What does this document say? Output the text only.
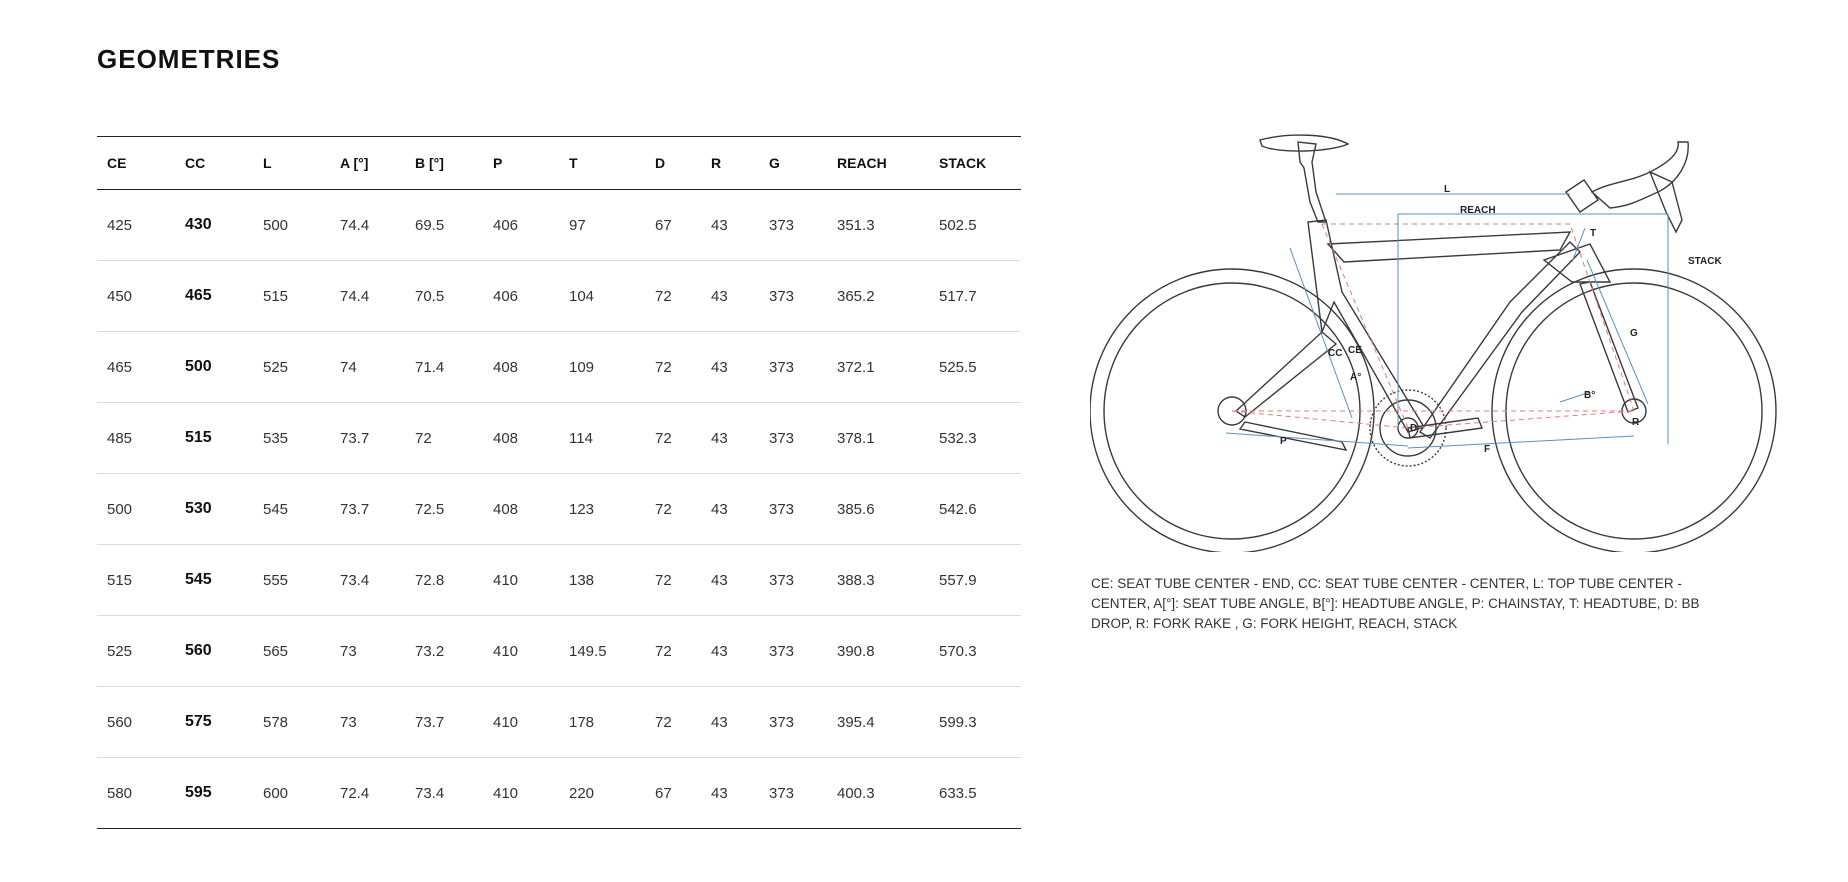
GEOMETRIES
CE	CC	L	A [°]	B [°]	P	T	D	R	G	REACH	STACK
425	430	500	74.4	69.5	406	97	67	43	373	351.3	502.5
450	465	515	74.4	70.5	406	104	72	43	373	365.2	517.7
465	500	525	74	71.4	408	109	72	43	373	372.1	525.5
485	515	535	73.7	72	408	114	72	43	373	378.1	532.3
500	530	545	73.7	72.5	408	123	72	43	373	385.6	542.6
515	545	555	73.4	72.8	410	138	72	43	373	388.3	557.9
525	560	565	73	73.2	410	149.5	72	43	373	390.8	570.3
560	575	578	73	73.7	410	178	72	43	373	395.4	599.3
580	595	600	72.4	73.4	410	220	67	43	373	400.3	633.5
L
REACH
STACK
T
G
CC CE
A°
B°
D
R
P
F

CE: SEAT TUBE CENTER - END, CC: SEAT TUBE CENTER - CENTER, L: TOP TUBE CENTER - CENTER, A[°]: SEAT TUBE ANGLE, B[°]: HEADTUBE ANGLE, P: CHAINSTAY, T: HEADTUBE, D: BB DROP, R: FORK RAKE , G: FORK HEIGHT, REACH, STACK
